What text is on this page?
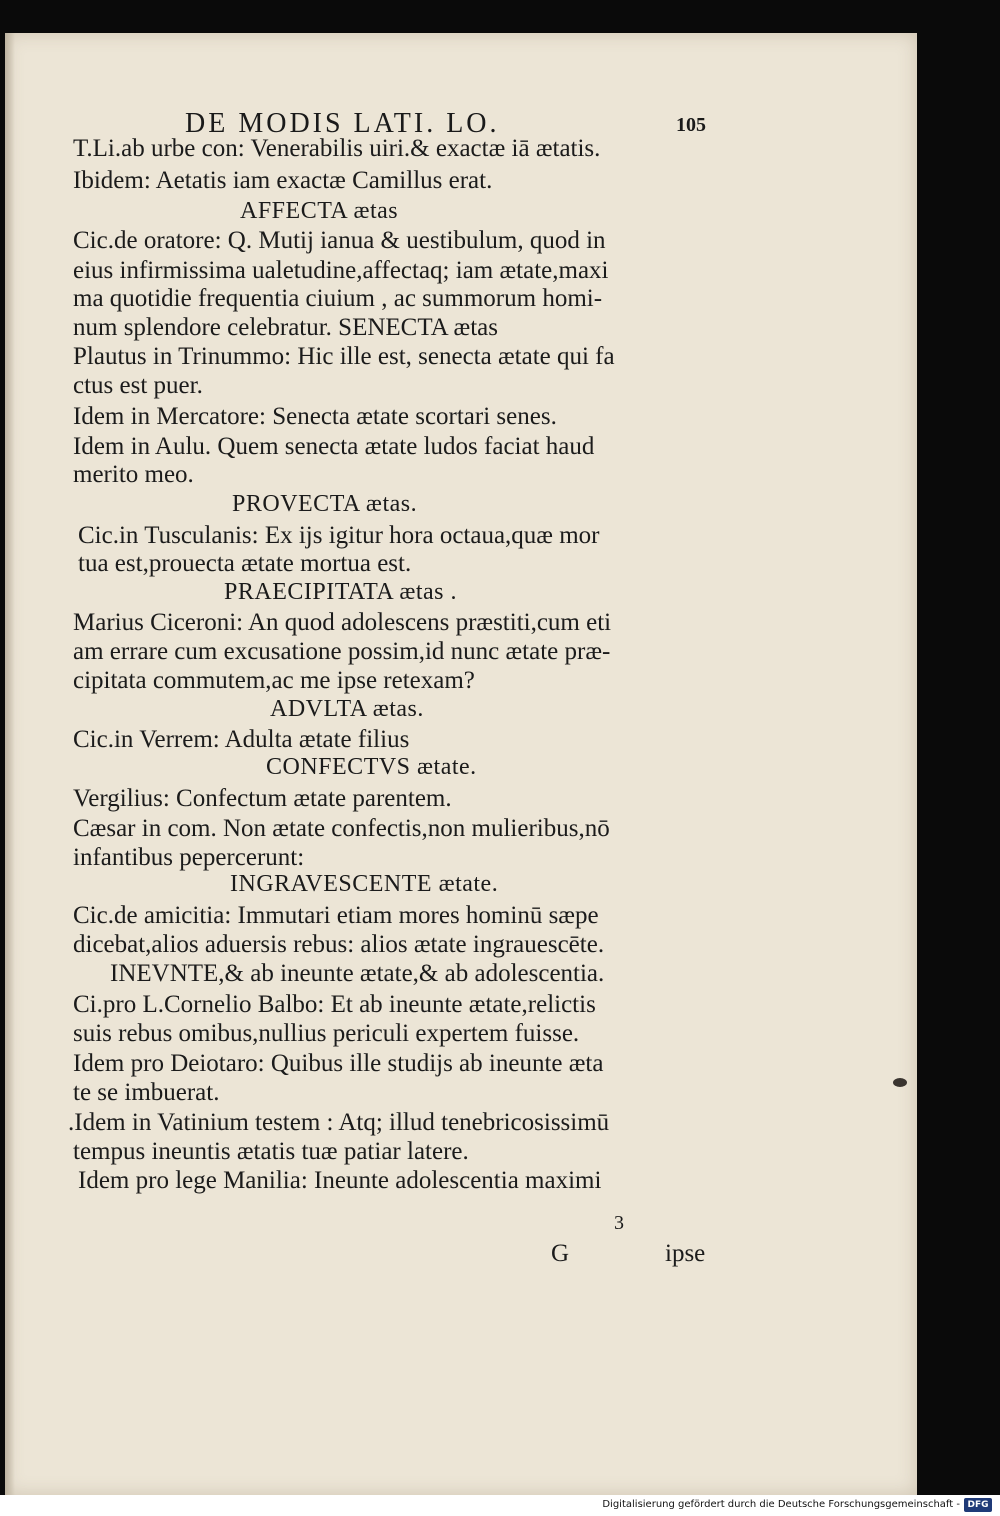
DE MODIS LATI. LO.	105
T.Li.ab urbe con: Venerabilis uiri.& exactæ iā ætatis.
Ibidem: Aetatis iam exactæ Camillus erat.
AFFECTA ætas
Cic.de oratore: Q. Mutij ianua & uestibulum, quod in
eius infirmissima ualetudine,affectaq; iam ætate,maxi
ma quotidie frequentia ciuium , ac summorum homi-
num splendore celebratur. SENECTA ætas
Plautus in Trinummo: Hic ille est, senecta ætate qui fa
ctus est puer.
Idem in Mercatore: Senecta ætate scortari senes.
Idem in Aulu. Quem senecta ætate ludos faciat haud
merito meo.
PROVECTA ætas.
Cic.in Tusculanis: Ex ijs igitur hora octaua,quæ mor
tua est,prouecta ætate mortua est.
PRAECIPITATA ætas .
Marius Ciceroni: An quod adolescens præstiti,cum eti
am errare cum excusatione possim,id nunc ætate præ-
cipitata commutem,ac me ipse retexam?
ADVLTA ætas.
Cic.in Verrem: Adulta ætate filius
CONFECTVS ætate.
Vergilius: Confectum ætate parentem.
Cæsar in com. Non ætate confectis,non mulieribus,nō
infantibus pepercerunt:
INGRAVESCENTE ætate.
Cic.de amicitia: Immutari etiam mores hominū sæpe
dicebat,alios aduersis rebus: alios ætate ingrauescēte.
INEVNTE,& ab ineunte ætate,& ab adolescentia.
Ci.pro L.Cornelio Balbo: Et ab ineunte ætate,relictis
suis rebus omibus,nullius periculi expertem fuisse.
Idem pro Deiotaro: Quibus ille studijs ab ineunte æta
te se imbuerat.
.Idem in Vatinium testem : Atq; illud tenebricosissimū
tempus ineuntis ætatis tuæ patiar latere.
Idem pro lege Manilia: Ineunte adolescentia maximi
G
3
ipse
Digitalisierung gefördert durch die Deutsche Forschungsgemeinschaft - DFG
